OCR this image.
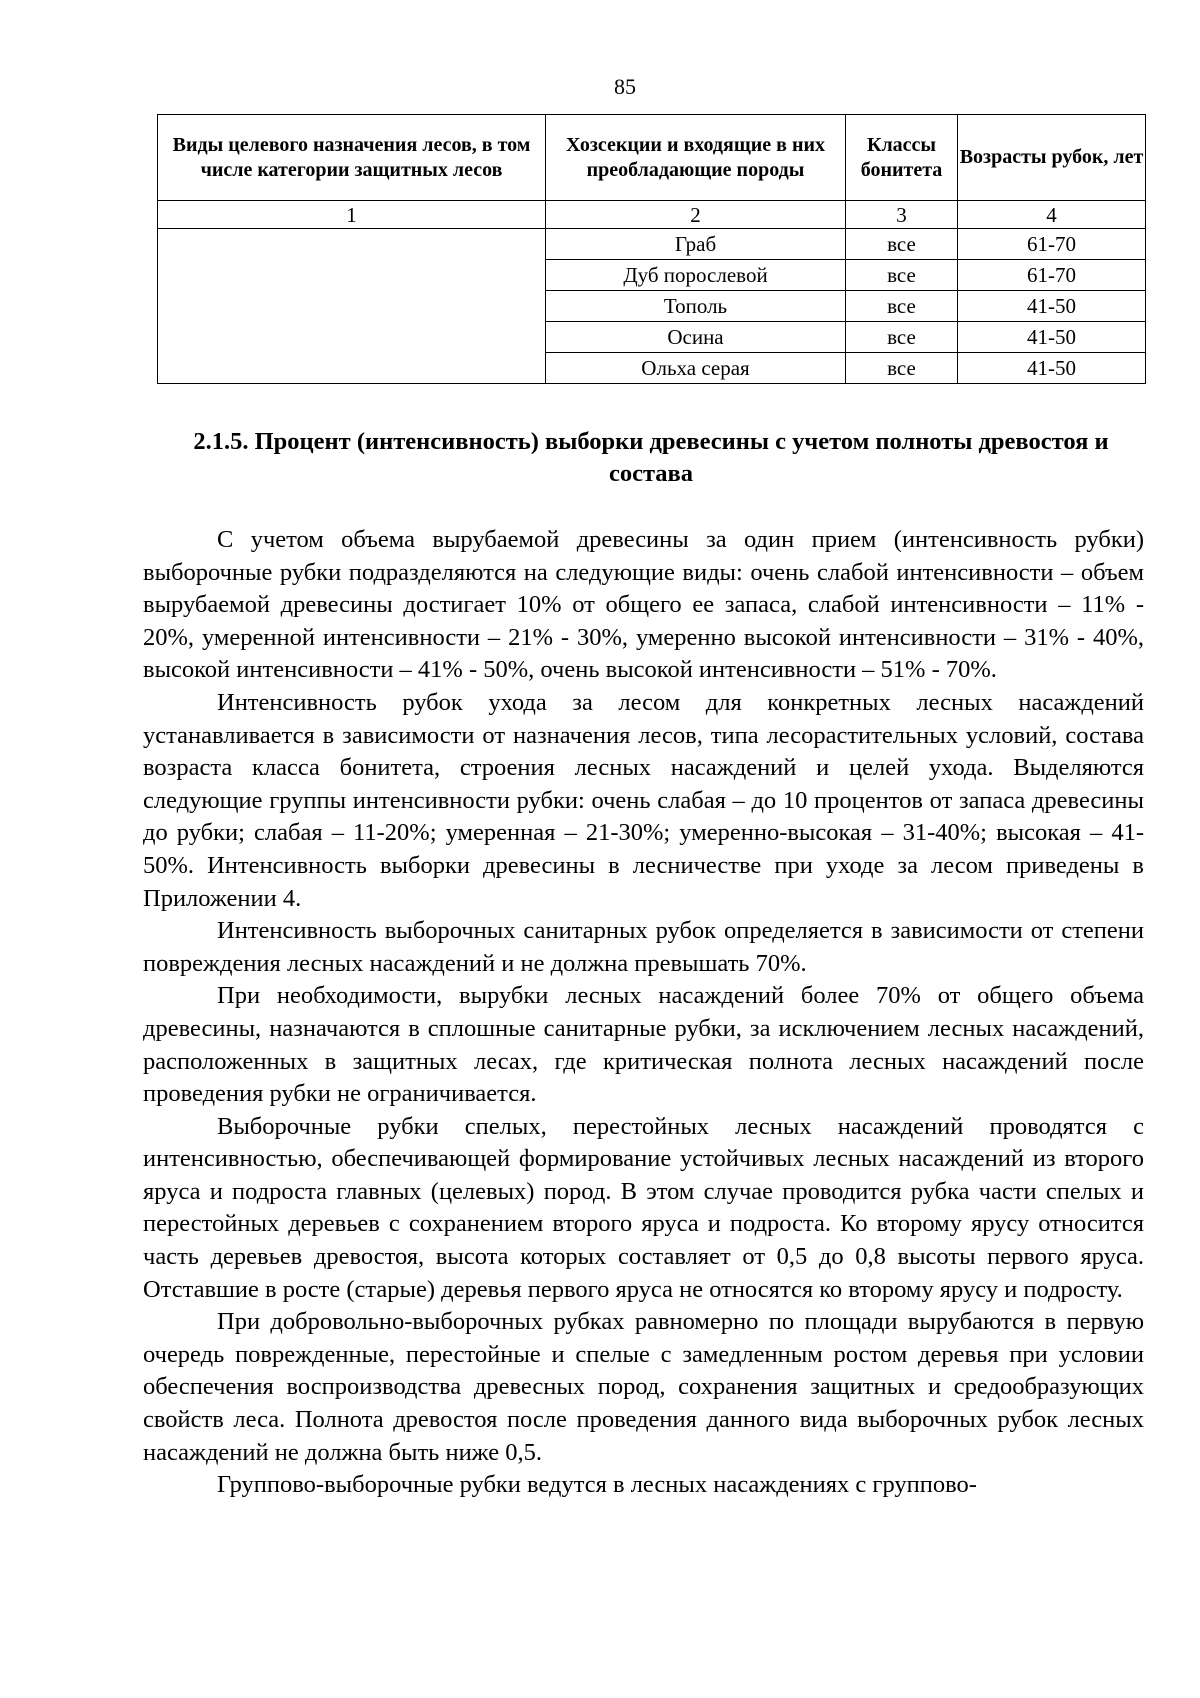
85
Виды целевого назначения лесов, в том числе категории защитных лесов	Хозсекции и входящие в них преобладающие породы	Классы бонитета	Возрасты рубок, лет
1	2	3	4
	Граб	все	61-70
	Дуб порослевой	все	61-70
	Тополь	все	41-50
	Осина	все	41-50
	Ольха серая	все	41-50
2.1.5. Процент (интенсивность) выборки древесины с учетом полноты древостоя и состава

С учетом объема вырубаемой древесины за один прием (интенсивность рубки) выборочные рубки подразделяются на следующие виды: очень слабой интенсивности – объем вырубаемой древесины достигает 10% от общего ее запаса, слабой интенсивности – 11% - 20%, умеренной интенсивности – 21% - 30%, умеренно высокой интенсивности – 31% - 40%, высокой интенсивности – 41% - 50%, очень высокой интенсивности – 51% - 70%.

Интенсивность рубок ухода за лесом для конкретных лесных насаждений устанавливается в зависимости от назначения лесов, типа лесорастительных условий, состава возраста класса бонитета, строения лесных насаждений и целей ухода. Выделяются следующие группы интенсивности рубки: очень слабая – до 10 процентов от запаса древесины до рубки; слабая – 11-20%; умеренная – 21-30%; умеренно-высокая – 31-40%; высокая – 41-50%. Интенсивность выборки древесины в лесничестве при уходе за лесом приведены в Приложении 4.

Интенсивность выборочных санитарных рубок определяется в зависимости от степени повреждения лесных насаждений и не должна превышать 70%.

При необходимости, вырубки лесных насаждений более 70% от общего объема древесины, назначаются в сплошные санитарные рубки, за исключением лесных насаждений, расположенных в защитных лесах, где критическая полнота лесных насаждений после проведения рубки не ограничивается.

Выборочные рубки спелых, перестойных лесных насаждений проводятся с интенсивностью, обеспечивающей формирование устойчивых лесных насаждений из второго яруса и подроста главных (целевых) пород. В этом случае проводится рубка части спелых и перестойных деревьев с сохранением второго яруса и подроста. Ко второму ярусу относится часть деревьев древостоя, высота которых составляет от 0,5 до 0,8 высоты первого яруса. Отставшие в росте (старые) деревья первого яруса не относятся ко второму ярусу и подросту.

При добровольно-выборочных рубках равномерно по площади вырубаются в первую очередь поврежденные, перестойные и спелые с замедленным ростом деревья при условии обеспечения воспроизводства древесных пород, сохранения защитных и средообразующих свойств леса. Полнота древостоя после проведения данного вида выборочных рубок лесных насаждений не должна быть ниже 0,5.

Группово-выборочные рубки ведутся в лесных насаждениях с группово-
